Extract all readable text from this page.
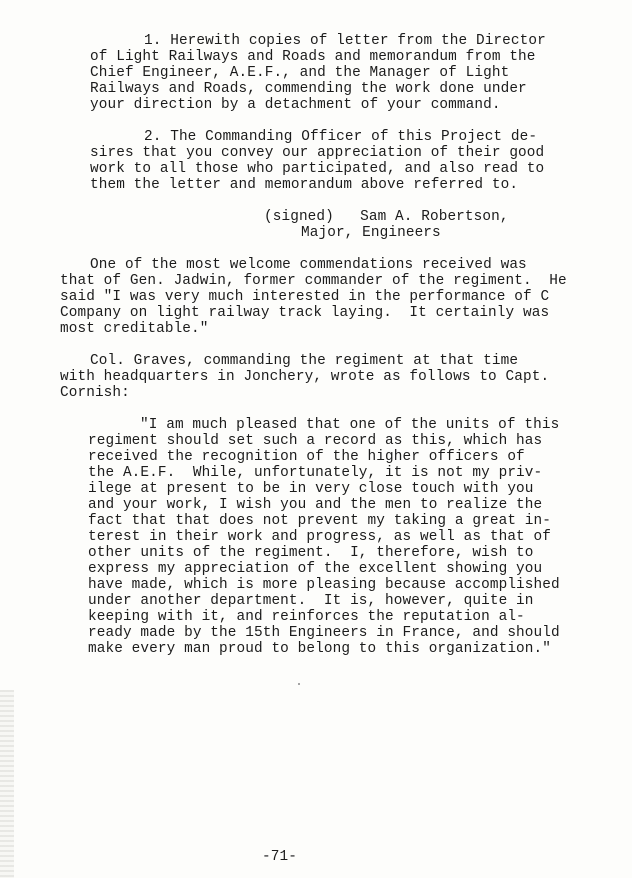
1. Herewith copies of letter from the Director
of Light Railways and Roads and memorandum from the
Chief Engineer, A.E.F., and the Manager of Light
Railways and Roads, commending the work done under
your direction by a detachment of your command.
2. The Commanding Officer of this Project de-
sires that you convey our appreciation of their good
work to all those who participated, and also read to
them the letter and memorandum above referred to.
(signed)   Sam A. Robertson,
Major, Engineers
One of the most welcome commendations received was
that of Gen. Jadwin, former commander of the regiment.  He
said "I was very much interested in the performance of C
Company on light railway track laying.  It certainly was
most creditable."
Col. Graves, commanding the regiment at that time
with headquarters in Jonchery, wrote as follows to Capt.
Cornish:
"I am much pleased that one of the units of this
regiment should set such a record as this, which has
received the recognition of the higher officers of
the A.E.F.  While, unfortunately, it is not my priv-
ilege at present to be in very close touch with you
and your work, I wish you and the men to realize the
fact that that does not prevent my taking a great in-
terest in their work and progress, as well as that of
other units of the regiment.  I, therefore, wish to
express my appreciation of the excellent showing you
have made, which is more pleasing because accomplished
under another department.  It is, however, quite in
keeping with it, and reinforces the reputation al-
ready made by the 15th Engineers in France, and should
make every man proud to belong to this organization."
-71-
